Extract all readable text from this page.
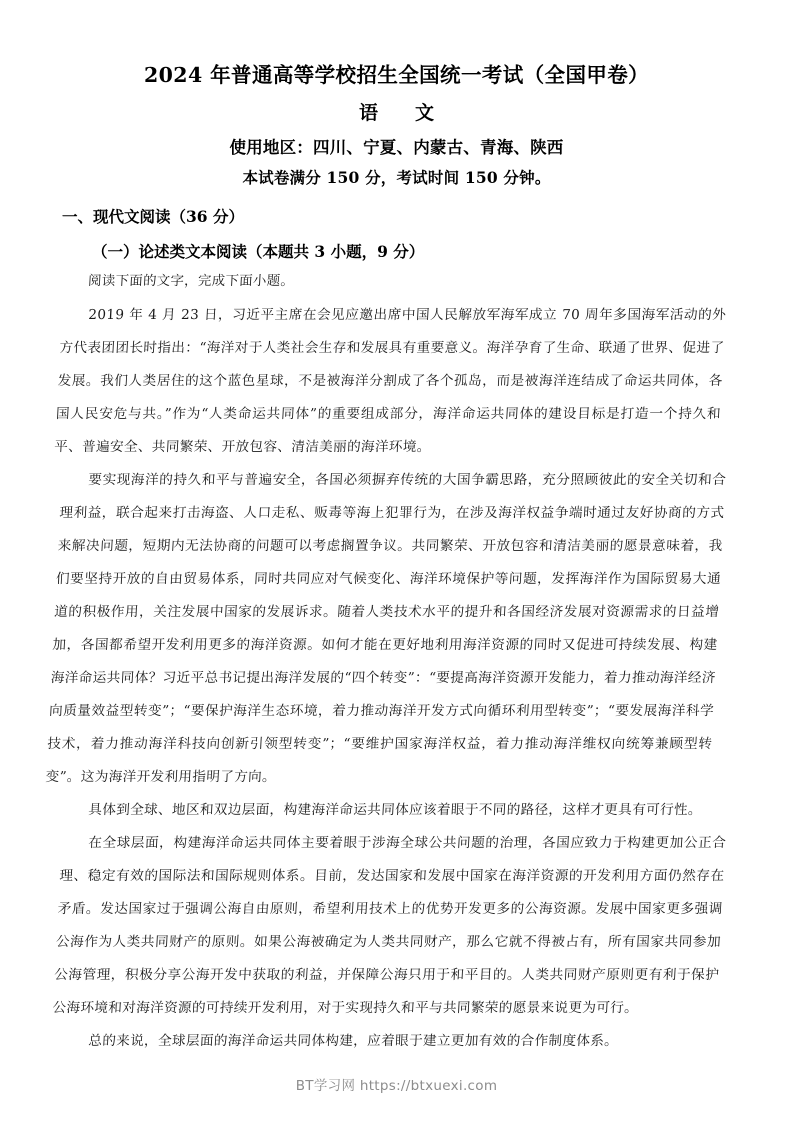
2024 年普通高等学校招生全国统一考试（全国甲卷）
语　文
使用地区：四川、宁夏、内蒙古、青海、陕西
本试卷满分 150 分，考试时间 150 分钟。
一、现代文阅读（36 分）
（一）论述类文本阅读（本题共 3 小题，9 分）

阅读下面的文字，完成下面小题。

2019 年 4 月 23 日，习近平主席在会见应邀出席中国人民解放军海军成立 70 周年多国海军活动的外方代表团团长时指出：“海洋对于人类社会生存和发展具有重要意义。海洋孕育了生命、联通了世界、促进了发展。我们人类居住的这个蓝色星球，不是被海洋分割成了各个孤岛，而是被海洋连结成了命运共同体，各国人民安危与共。”作为“人类命运共同体”的重要组成部分，海洋命运共同体的建设目标是打造一个持久和平、普遍安全、共同繁荣、开放包容、清洁美丽的海洋环境。

要实现海洋的持久和平与普遍安全，各国必须摒弃传统的大国争霸思路，充分照顾彼此的安全关切和合理利益，联合起来打击海盗、人口走私、贩毒等海上犯罪行为，在涉及海洋权益争端时通过友好协商的方式来解决问题，短期内无法协商的问题可以考虑搁置争议。共同繁荣、开放包容和清洁美丽的愿景意味着，我们要坚持开放的自由贸易体系，同时共同应对气候变化、海洋环境保护等问题，发挥海洋作为国际贸易大通道的积极作用，关注发展中国家的发展诉求。随着人类技术水平的提升和各国经济发展对资源需求的日益增加，各国都希望开发利用更多的海洋资源。如何才能在更好地利用海洋资源的同时又促进可持续发展、构建海洋命运共同体？习近平总书记提出海洋发展的“四个转变”：“要提高海洋资源开发能力，着力推动海洋经济向质量效益型转变”；“要保护海洋生态环境，着力推动海洋开发方式向循环利用型转变”；“要发展海洋科学技术，着力推动海洋科技向创新引领型转变”；“要维护国家海洋权益，着力推动海洋维权向统筹兼顾型转变”。这为海洋开发利用指明了方向。

具体到全球、地区和双边层面，构建海洋命运共同体应该着眼于不同的路径，这样才更具有可行性。

在全球层面，构建海洋命运共同体主要着眼于涉海全球公共问题的治理，各国应致力于构建更加公正合理、稳定有效的国际法和国际规则体系。目前，发达国家和发展中国家在海洋资源的开发利用方面仍然存在矛盾。发达国家过于强调公海自由原则，希望利用技术上的优势开发更多的公海资源。发展中国家更多强调公海作为人类共同财产的原则。如果公海被确定为人类共同财产，那么它就不得被占有，所有国家共同参加公海管理，积极分享公海开发中获取的利益，并保障公海只用于和平目的。人类共同财产原则更有利于保护公海环境和对海洋资源的可持续开发利用，对于实现持久和平与共同繁荣的愿景来说更为可行。

总的来说，全球层面的海洋命运共同体构建，应着眼于建立更加有效的合作制度体系。

BT学习网 https://btxuexi.com
